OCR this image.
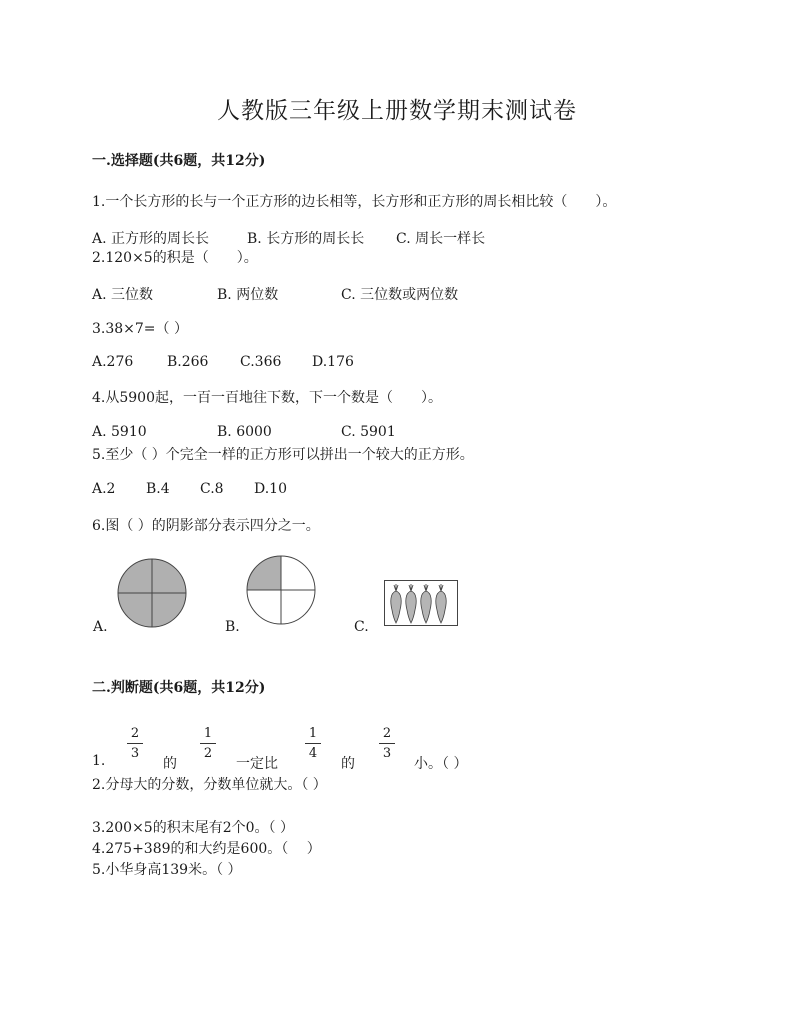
人教版三年级上册数学期末测试卷
一.选择题(共6题，共12分)
1.一个长方形的长与一个正方形的边长相等，长方形和正方形的周长相比较（　　）。
A. 正方形的周长长	B. 长方形的周长长 C. 周长一样长
2.120×5的积是（　　）。
A. 三位数	B. 两位数	C. 三位数或两位数
3.38×7=（ ）
A.276 B.266 C.366 D.176
4.从5900起，一百一百地往下数，下一个数是（　　）。
A. 5910	B. 6000	C. 5901
5.至少（ ）个完全一样的正方形可以拼出一个较大的正方形。
A.2 B.4 C.8 D.10
6.图（ ）的阴影部分表示四分之一。
A.	B.	C.
二.判断题(共6题，共12分)
1.
2
3
的
1
2
一定比
1
4
的
2
3
小。（ ）
2.分母大的分数，分数单位就大。（ ）
3.200×5的积末尾有2个0。（ ）
4.275+389的和大约是600。（　 ）
5.小华身高139米。（ ）
